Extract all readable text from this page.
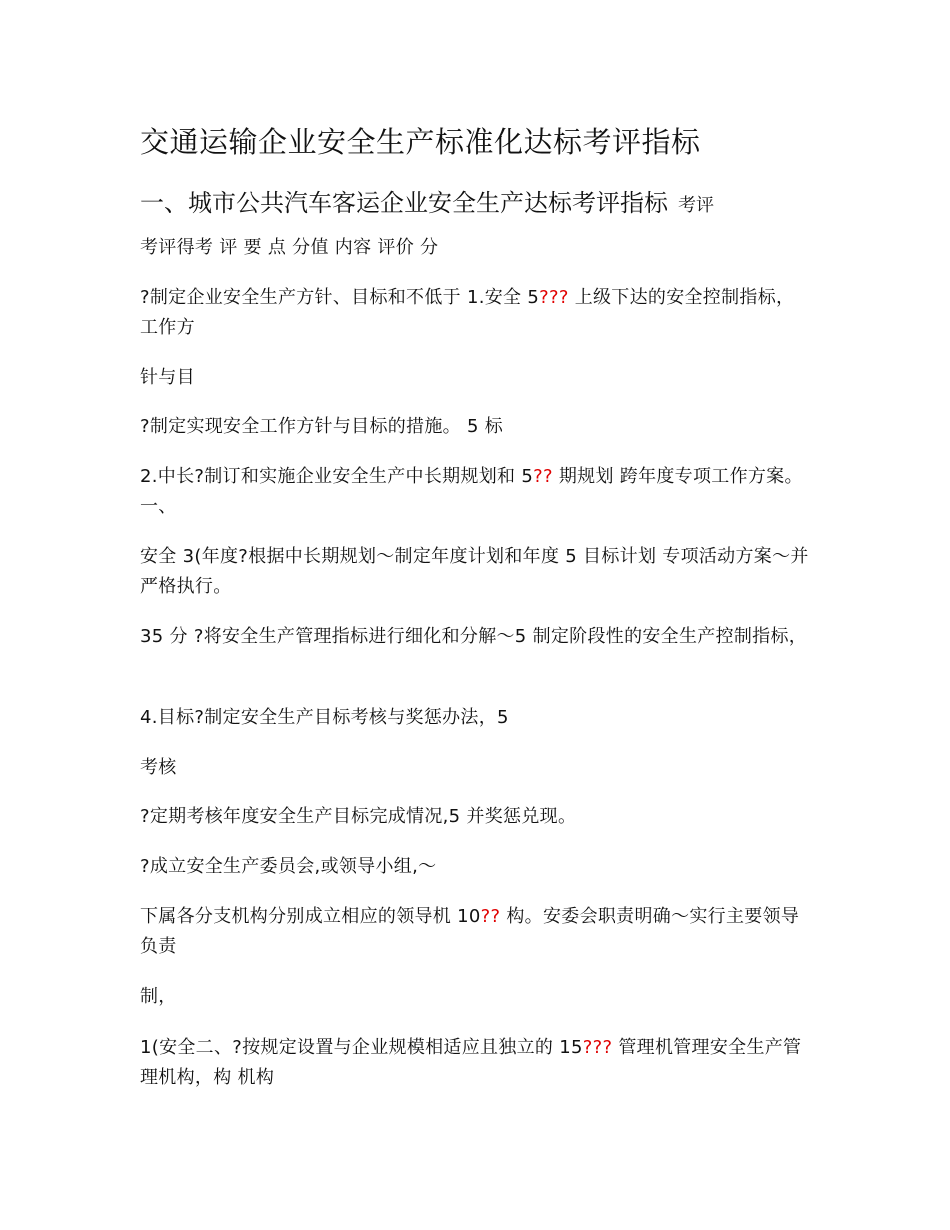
交通运输企业安全生产标准化达标考评指标
一、城市公共汽车客运企业安全生产达标考评指标 考评
考评得考 评 要 点 分值 内容 评价 分
?制定企业安全生产方针、目标和不低于 1.安全 5??? 上级下达的安全控制指标，工作方
针与目
?制定实现安全工作方针与目标的措施。 5 标
2.中长?制订和实施企业安全生产中长期规划和 5?? 期规划 跨年度专项工作方案。 一、
安全 3(年度?根据中长期规划～制定年度计划和年度 5 目标计划 专项活动方案～并严格执行。
35 分 ?将安全生产管理指标进行细化和分解～5 制定阶段性的安全生产控制指标，
4.目标?制定安全生产目标考核与奖惩办法，5
考核
?定期考核年度安全生产目标完成情况,5 并奖惩兑现。
?成立安全生产委员会,或领导小组,～
下属各分支机构分别成立相应的领导机 10?? 构。安委会职责明确～实行主要领导负责
制，
1(安全二、?按规定设置与企业规模相适应且独立的 15??? 管理机管理安全生产管理机构，构 机构
